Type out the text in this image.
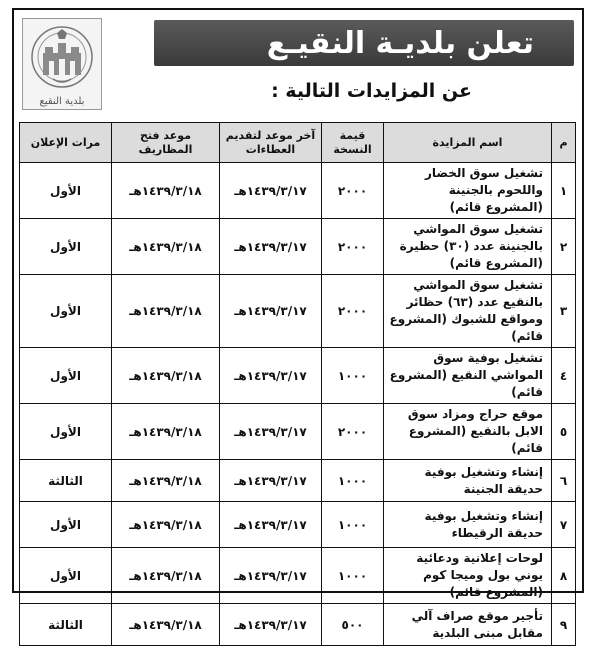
تعلن بلديـة النقيـع
عن المزايدات التالية :
بلدية النقيع
م	اسم المزايدة	قيمة النسخة	آخر موعد لتقديم العطاءات	موعد فتح المظاريف	مرات الإعلان
١	تشغيل سوق الخضار واللحوم بالجنينة (المشروع قائم)	٢٠٠٠	١٤٣٩/٣/١٧هـ	١٤٣٩/٣/١٨هـ	الأول
٢	تشغيل سوق المواشي بالجنينة عدد (٣٠) حظيرة (المشروع قائم)	٢٠٠٠	١٤٣٩/٣/١٧هـ	١٤٣٩/٣/١٨هـ	الأول
٣	تشغيل سوق المواشي بالنقيع عدد (٦٣) حظائر ومواقع للشبوك (المشروع قائم)	٢٠٠٠	١٤٣٩/٣/١٧هـ	١٤٣٩/٣/١٨هـ	الأول
٤	تشغيل بوفية سوق المواشي النقيع (المشروع قائم)	١٠٠٠	١٤٣٩/٣/١٧هـ	١٤٣٩/٣/١٨هـ	الأول
٥	موقع حراج ومزاد سوق الابل بالنقيع (المشروع قائم)	٢٠٠٠	١٤٣٩/٣/١٧هـ	١٤٣٩/٣/١٨هـ	الأول
٦	إنشاء وتشغيل بوفية حديقة الجنينة	١٠٠٠	١٤٣٩/٣/١٧هـ	١٤٣٩/٣/١٨هـ	الثالثة
٧	إنشاء وتشغيل بوفية حديقة الرقيطاء	١٠٠٠	١٤٣٩/٣/١٧هـ	١٤٣٩/٣/١٨هـ	الأول
٨	لوحات إعلانية ودعائية يوني بول وميجا كوم (المشروع قائم)	١٠٠٠	١٤٣٩/٣/١٧هـ	١٤٣٩/٣/١٨هـ	الأول
٩	تأجير موقع صراف آلي مقابل مبنى البلدية	٥٠٠	١٤٣٩/٣/١٧هـ	١٤٣٩/٣/١٨هـ	الثالثة
